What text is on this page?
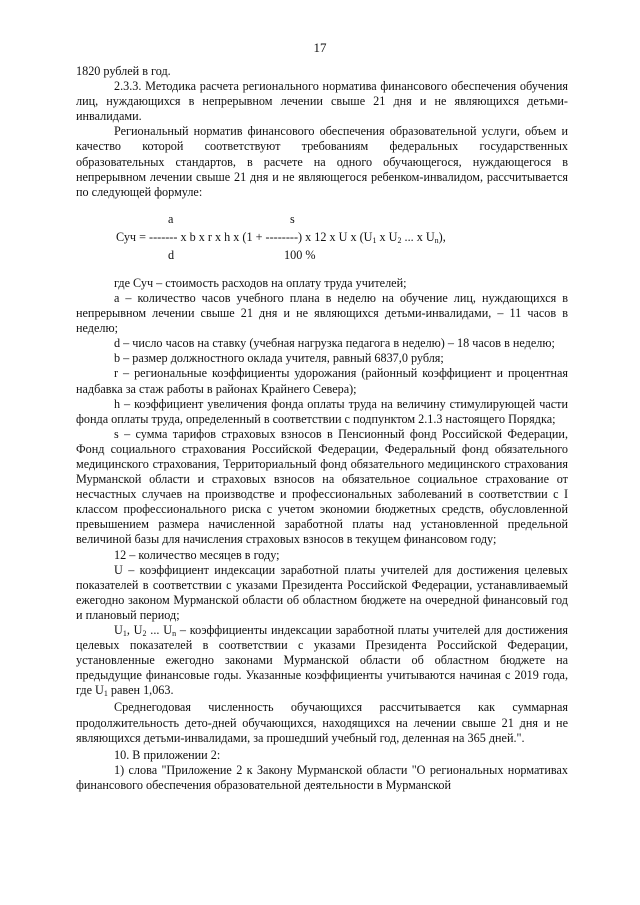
17

1820 рублей в год.

2.3.3. Методика расчета регионального норматива финансового обеспечения обучения лиц, нуждающихся в непрерывном лечении свыше 21 дня и не являющихся детьми-инвалидами.

Региональный норматив финансового обеспечения образовательной услуги, объем и качество которой соответствуют требованиям федеральных государственных образовательных стандартов, в расчете на одного обучающегося, нуждающегося в непрерывном лечении свыше 21 дня и не являющегося ребенком-инвалидом, рассчитывается по следующей формуле:

a	s
Суч = ------- x b x r x h x (1 + --------) x 12 x U x ($U_1$ x $U_2$ ... x $U_n$),
d	100 %

где Суч – стоимость расходов на оплату труда учителей;

a – количество часов учебного плана в неделю на обучение лиц, нуждающихся в непрерывном лечении свыше 21 дня и не являющихся детьми-инвалидами, – 11 часов в неделю;

d – число часов на ставку (учебная нагрузка педагога в неделю) – 18 часов в неделю;

b – размер должностного оклада учителя, равный 6837,0 рубля;

r – региональные коэффициенты удорожания (районный коэффициент и процентная надбавка за стаж работы в районах Крайнего Севера);

h – коэффициент увеличения фонда оплаты труда на величину стимулирующей части фонда оплаты труда, определенный в соответствии с подпунктом 2.1.3 настоящего Порядка;

s – сумма тарифов страховых взносов в Пенсионный фонд Российской Федерации, Фонд социального страхования Российской Федерации, Федеральный фонд обязательного медицинского страхования, Территориальный фонд обязательного медицинского страхования Мурманской области и страховых взносов на обязательное социальное страхование от несчастных случаев на производстве и профессиональных заболеваний в соответствии с I классом профессионального риска с учетом экономии бюджетных средств, обусловленной превышением размера начисленной заработной платы над установленной предельной величиной базы для начисления страховых взносов в текущем финансовом году;

12 – количество месяцев в году;

U – коэффициент индексации заработной платы учителей для достижения целевых показателей в соответствии с указами Президента Российской Федерации, устанавливаемый ежегодно законом Мурманской области об областном бюджете на очередной финансовый год и плановый период;

$U_1$, $U_2$ ... $U_n$ – коэффициенты индексации заработной платы учителей для достижения целевых показателей в соответствии с указами Президента Российской Федерации, установленные ежегодно законами Мурманской области об областном бюджете на предыдущие финансовые годы. Указанные коэффициенты учитываются начиная с 2019 года, где $U_1$ равен 1,063.

Среднегодовая численность обучающихся рассчитывается как суммарная продолжительность дето-дней обучающихся, находящихся на лечении свыше 21 дня и не являющихся детьми-инвалидами, за прошедший учебный год, деленная на 365 дней.".

10. В приложении 2:

1) слова "Приложение 2 к Закону Мурманской области "О региональных нормативах финансового обеспечения образовательной деятельности в Мурманской
